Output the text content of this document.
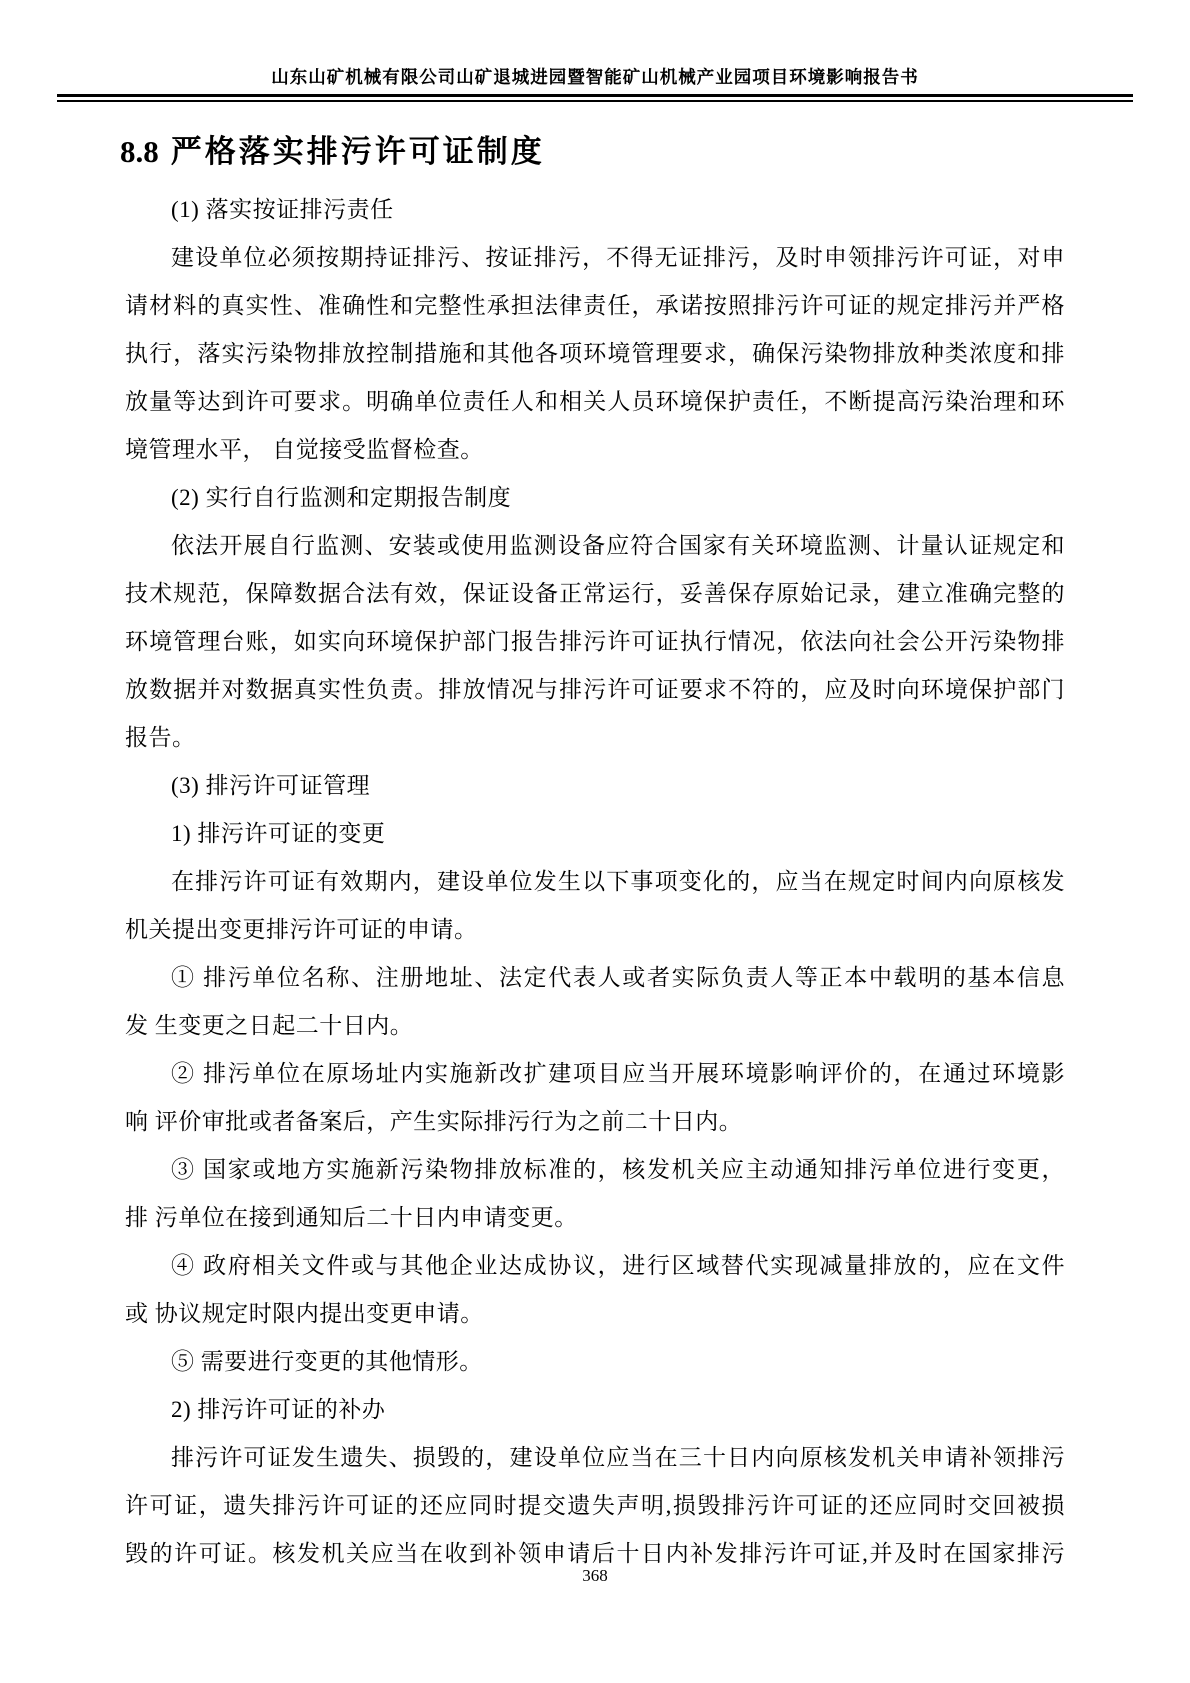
山东山矿机械有限公司山矿退城进园暨智能矿山机械产业园项目环境影响报告书
8.8 严格落实排污许可证制度
(1) 落实按证排污责任
建设单位必须按期持证排污、按证排污，不得无证排污，及时申领排污许可证，对申
请材料的真实性、准确性和完整性承担法律责任，承诺按照排污许可证的规定排污并严格
执行，落实污染物排放控制措施和其他各项环境管理要求，确保污染物排放种类浓度和排
放量等达到许可要求。明确单位责任人和相关人员环境保护责任，不断提高污染治理和环
境管理水平， 自觉接受监督检查。
(2) 实行自行监测和定期报告制度
依法开展自行监测、安装或使用监测设备应符合国家有关环境监测、计量认证规定和
技术规范，保障数据合法有效，保证设备正常运行，妥善保存原始记录，建立准确完整的
环境管理台账，如实向环境保护部门报告排污许可证执行情况，依法向社会公开污染物排
放数据并对数据真实性负责。排放情况与排污许可证要求不符的，应及时向环境保护部门
报告。
(3) 排污许可证管理
1) 排污许可证的变更
在排污许可证有效期内，建设单位发生以下事项变化的，应当在规定时间内向原核发
机关提出变更排污许可证的申请。
① 排污单位名称、注册地址、法定代表人或者实际负责人等正本中载明的基本信息
发 生变更之日起二十日内。
② 排污单位在原场址内实施新改扩建项目应当开展环境影响评价的，在通过环境影
响 评价审批或者备案后，产生实际排污行为之前二十日内。
③ 国家或地方实施新污染物排放标准的，核发机关应主动通知排污单位进行变更，
排 污单位在接到通知后二十日内申请变更。
④ 政府相关文件或与其他企业达成协议，进行区域替代实现减量排放的，应在文件
或 协议规定时限内提出变更申请。
⑤ 需要进行变更的其他情形。
2) 排污许可证的补办
排污许可证发生遗失、损毁的，建设单位应当在三十日内向原核发机关申请补领排污
许可证，遗失排污许可证的还应同时提交遗失声明,损毁排污许可证的还应同时交回被损
毁的许可证。核发机关应当在收到补领申请后十日内补发排污许可证,并及时在国家排污
368
